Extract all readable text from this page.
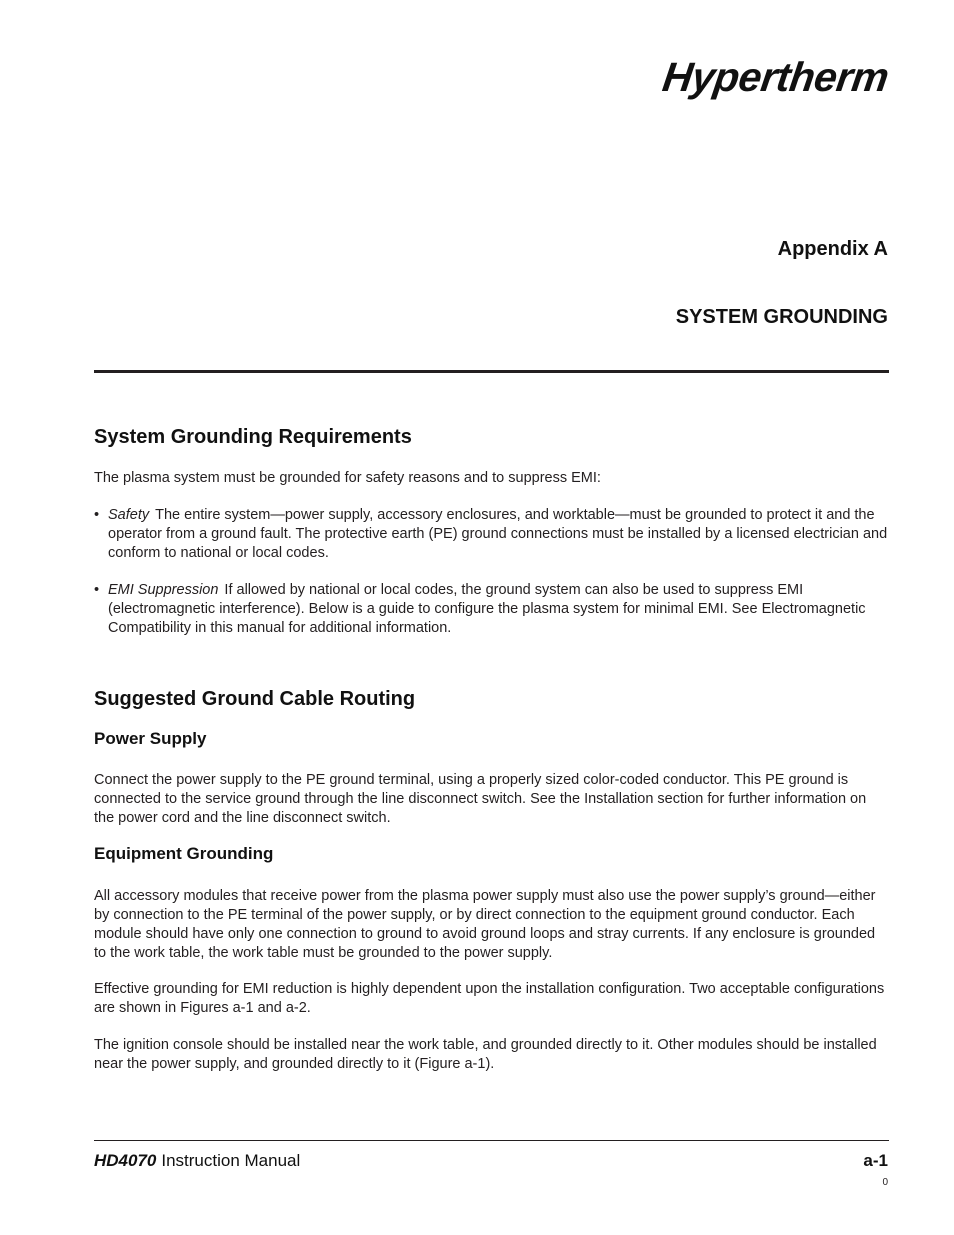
Hypertherm
Appendix A
SYSTEM GROUNDING
System Grounding Requirements

The plasma system must be grounded for safety reasons and to suppress EMI:

• Safety The entire system—power supply, accessory enclosures, and worktable—must be grounded to protect it and the operator from a ground fault. The protective earth (PE) ground connections must be installed by a licensed electrician and conform to national or local codes.
• EMI Suppression If allowed by national or local codes, the ground system can also be used to suppress EMI (electromagnetic interference). Below is a guide to configure the plasma system for minimal EMI. See Electromagnetic Compatibility in this manual for additional information.
Suggested Ground Cable Routing
Power Supply

Connect the power supply to the PE ground terminal, using a properly sized color-coded conductor. This PE ground is connected to the service ground through the line disconnect switch. See the Installation section for further information on the power cord and the line disconnect switch.

Equipment Grounding

All accessory modules that receive power from the plasma power supply must also use the power supply’s ground—either by connection to the PE terminal of the power supply, or by direct connection to the equipment ground conductor. Each module should have only one connection to ground to avoid ground loops and stray currents. If any enclosure is grounded to the work table, the work table must be grounded to the power supply.

Effective grounding for EMI reduction is highly dependent upon the installation configuration. Two acceptable configurations are shown in Figures a-1 and a-2.

The ignition console should be installed near the work table, and grounded directly to it. Other modules should be installed near the power supply, and grounded directly to it (Figure a-1).

HD4070 Instruction Manual	a-1
0
